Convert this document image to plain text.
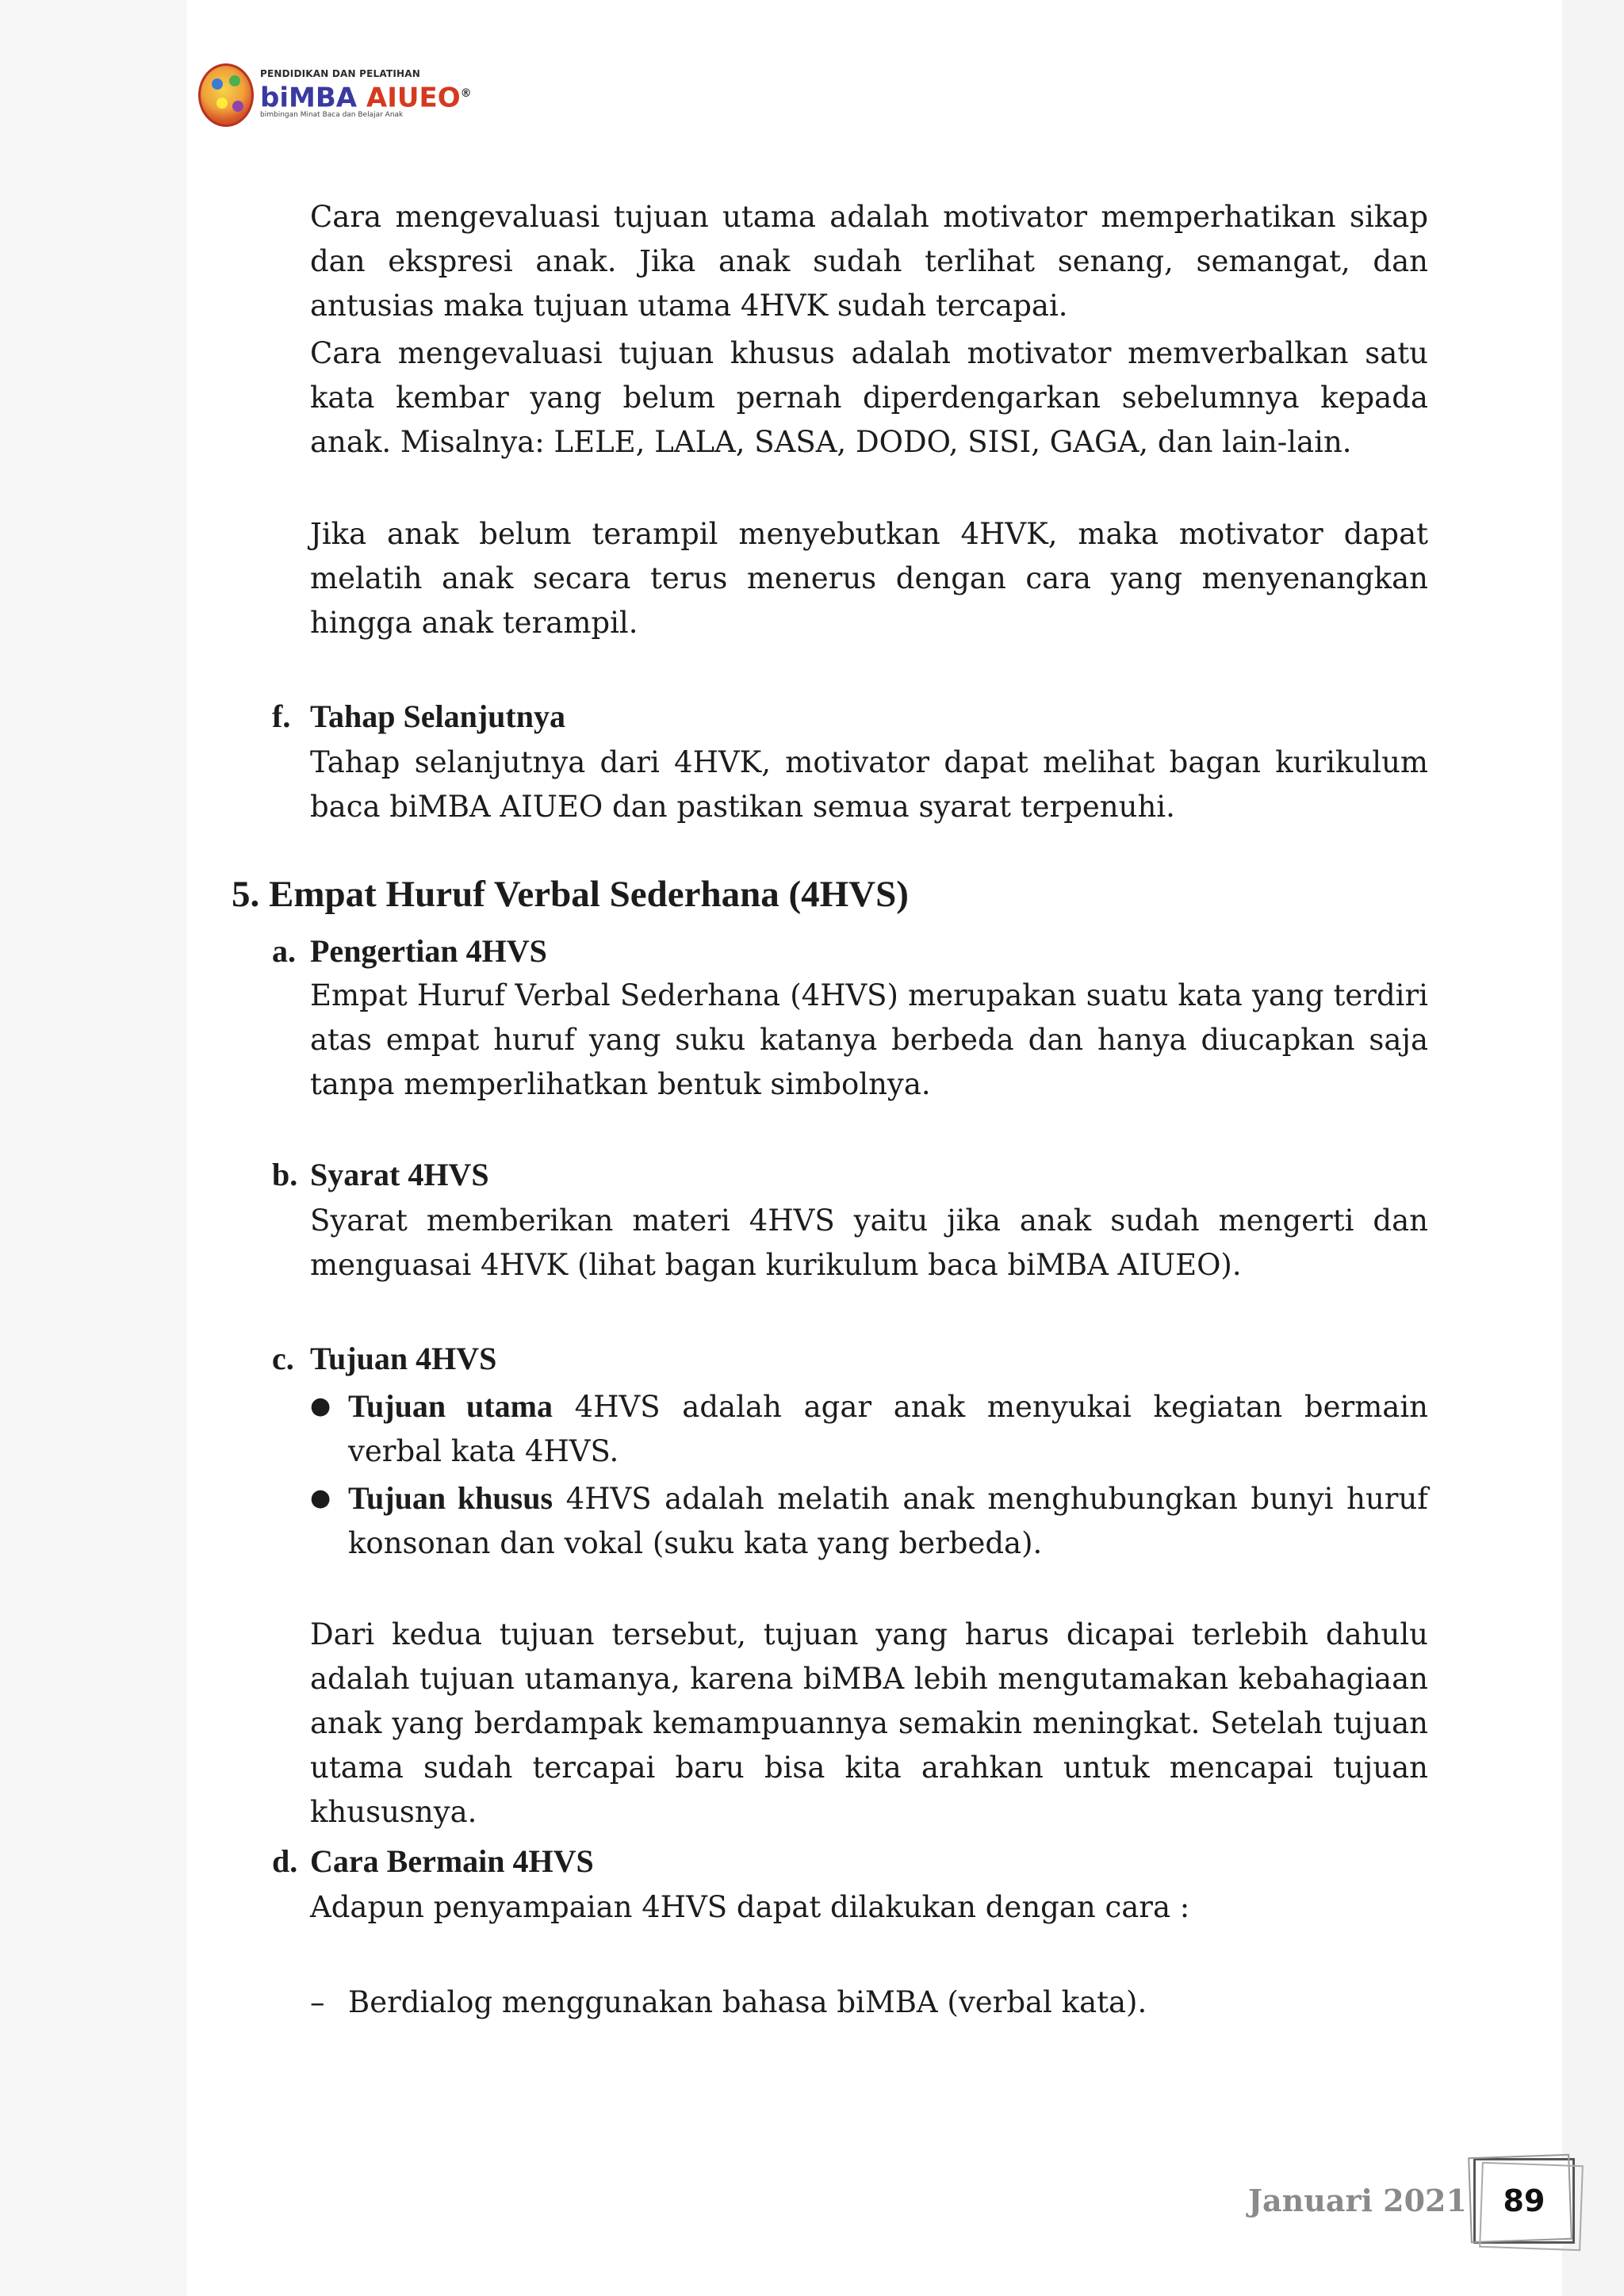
PENDIDIKAN DAN PELATIHAN
biMBA AIUEO®
bimbingan Minat Baca dan Belajar Anak

Cara mengevaluasi tujuan utama adalah motivator memperhatikan sikap dan ekspresi anak. Jika anak sudah terlihat senang, semangat, dan antusias maka tujuan utama 4HVK sudah tercapai.

Cara mengevaluasi tujuan khusus adalah motivator memverbalkan satu kata kembar yang belum pernah diperdengarkan sebelumnya kepada anak. Misalnya: LELE, LALA, SASA, DODO, SISI, GAGA, dan lain-lain.

Jika anak belum terampil menyebutkan 4HVK, maka motivator dapat melatih anak secara terus menerus dengan cara yang menyenangkan hingga anak terampil.

f. Tahap Selanjutnya

Tahap selanjutnya dari 4HVK, motivator dapat melihat bagan kurikulum baca biMBA AIUEO dan pastikan semua syarat terpenuhi.

5. Empat Huruf Verbal Sederhana (4HVS)
a. Pengertian 4HVS

Empat Huruf Verbal Sederhana (4HVS) merupakan suatu kata yang terdiri atas empat huruf yang suku katanya berbeda dan hanya diucapkan saja tanpa memperlihatkan bentuk simbolnya.

b. Syarat 4HVS

Syarat memberikan materi 4HVS yaitu jika anak sudah mengerti dan menguasai 4HVK (lihat bagan kurikulum baca biMBA AIUEO).

c. Tujuan 4HVS
● Tujuan utama 4HVS adalah agar anak menyukai kegiatan bermain verbal kata 4HVS.
● Tujuan khusus 4HVS adalah melatih anak menghubungkan bunyi huruf konsonan dan vokal (suku kata yang berbeda).

Dari kedua tujuan tersebut, tujuan yang harus dicapai terlebih dahulu adalah tujuan utamanya, karena biMBA lebih mengutamakan kebahagiaan anak yang berdampak kemampuannya semakin meningkat. Setelah tujuan utama sudah tercapai baru bisa kita arahkan untuk mencapai tujuan khususnya.

d. Cara Bermain 4HVS

Adapun penyampaian 4HVS dapat dilakukan dengan cara :

– Berdialog menggunakan bahasa biMBA (verbal kata).
Januari 2021	89
